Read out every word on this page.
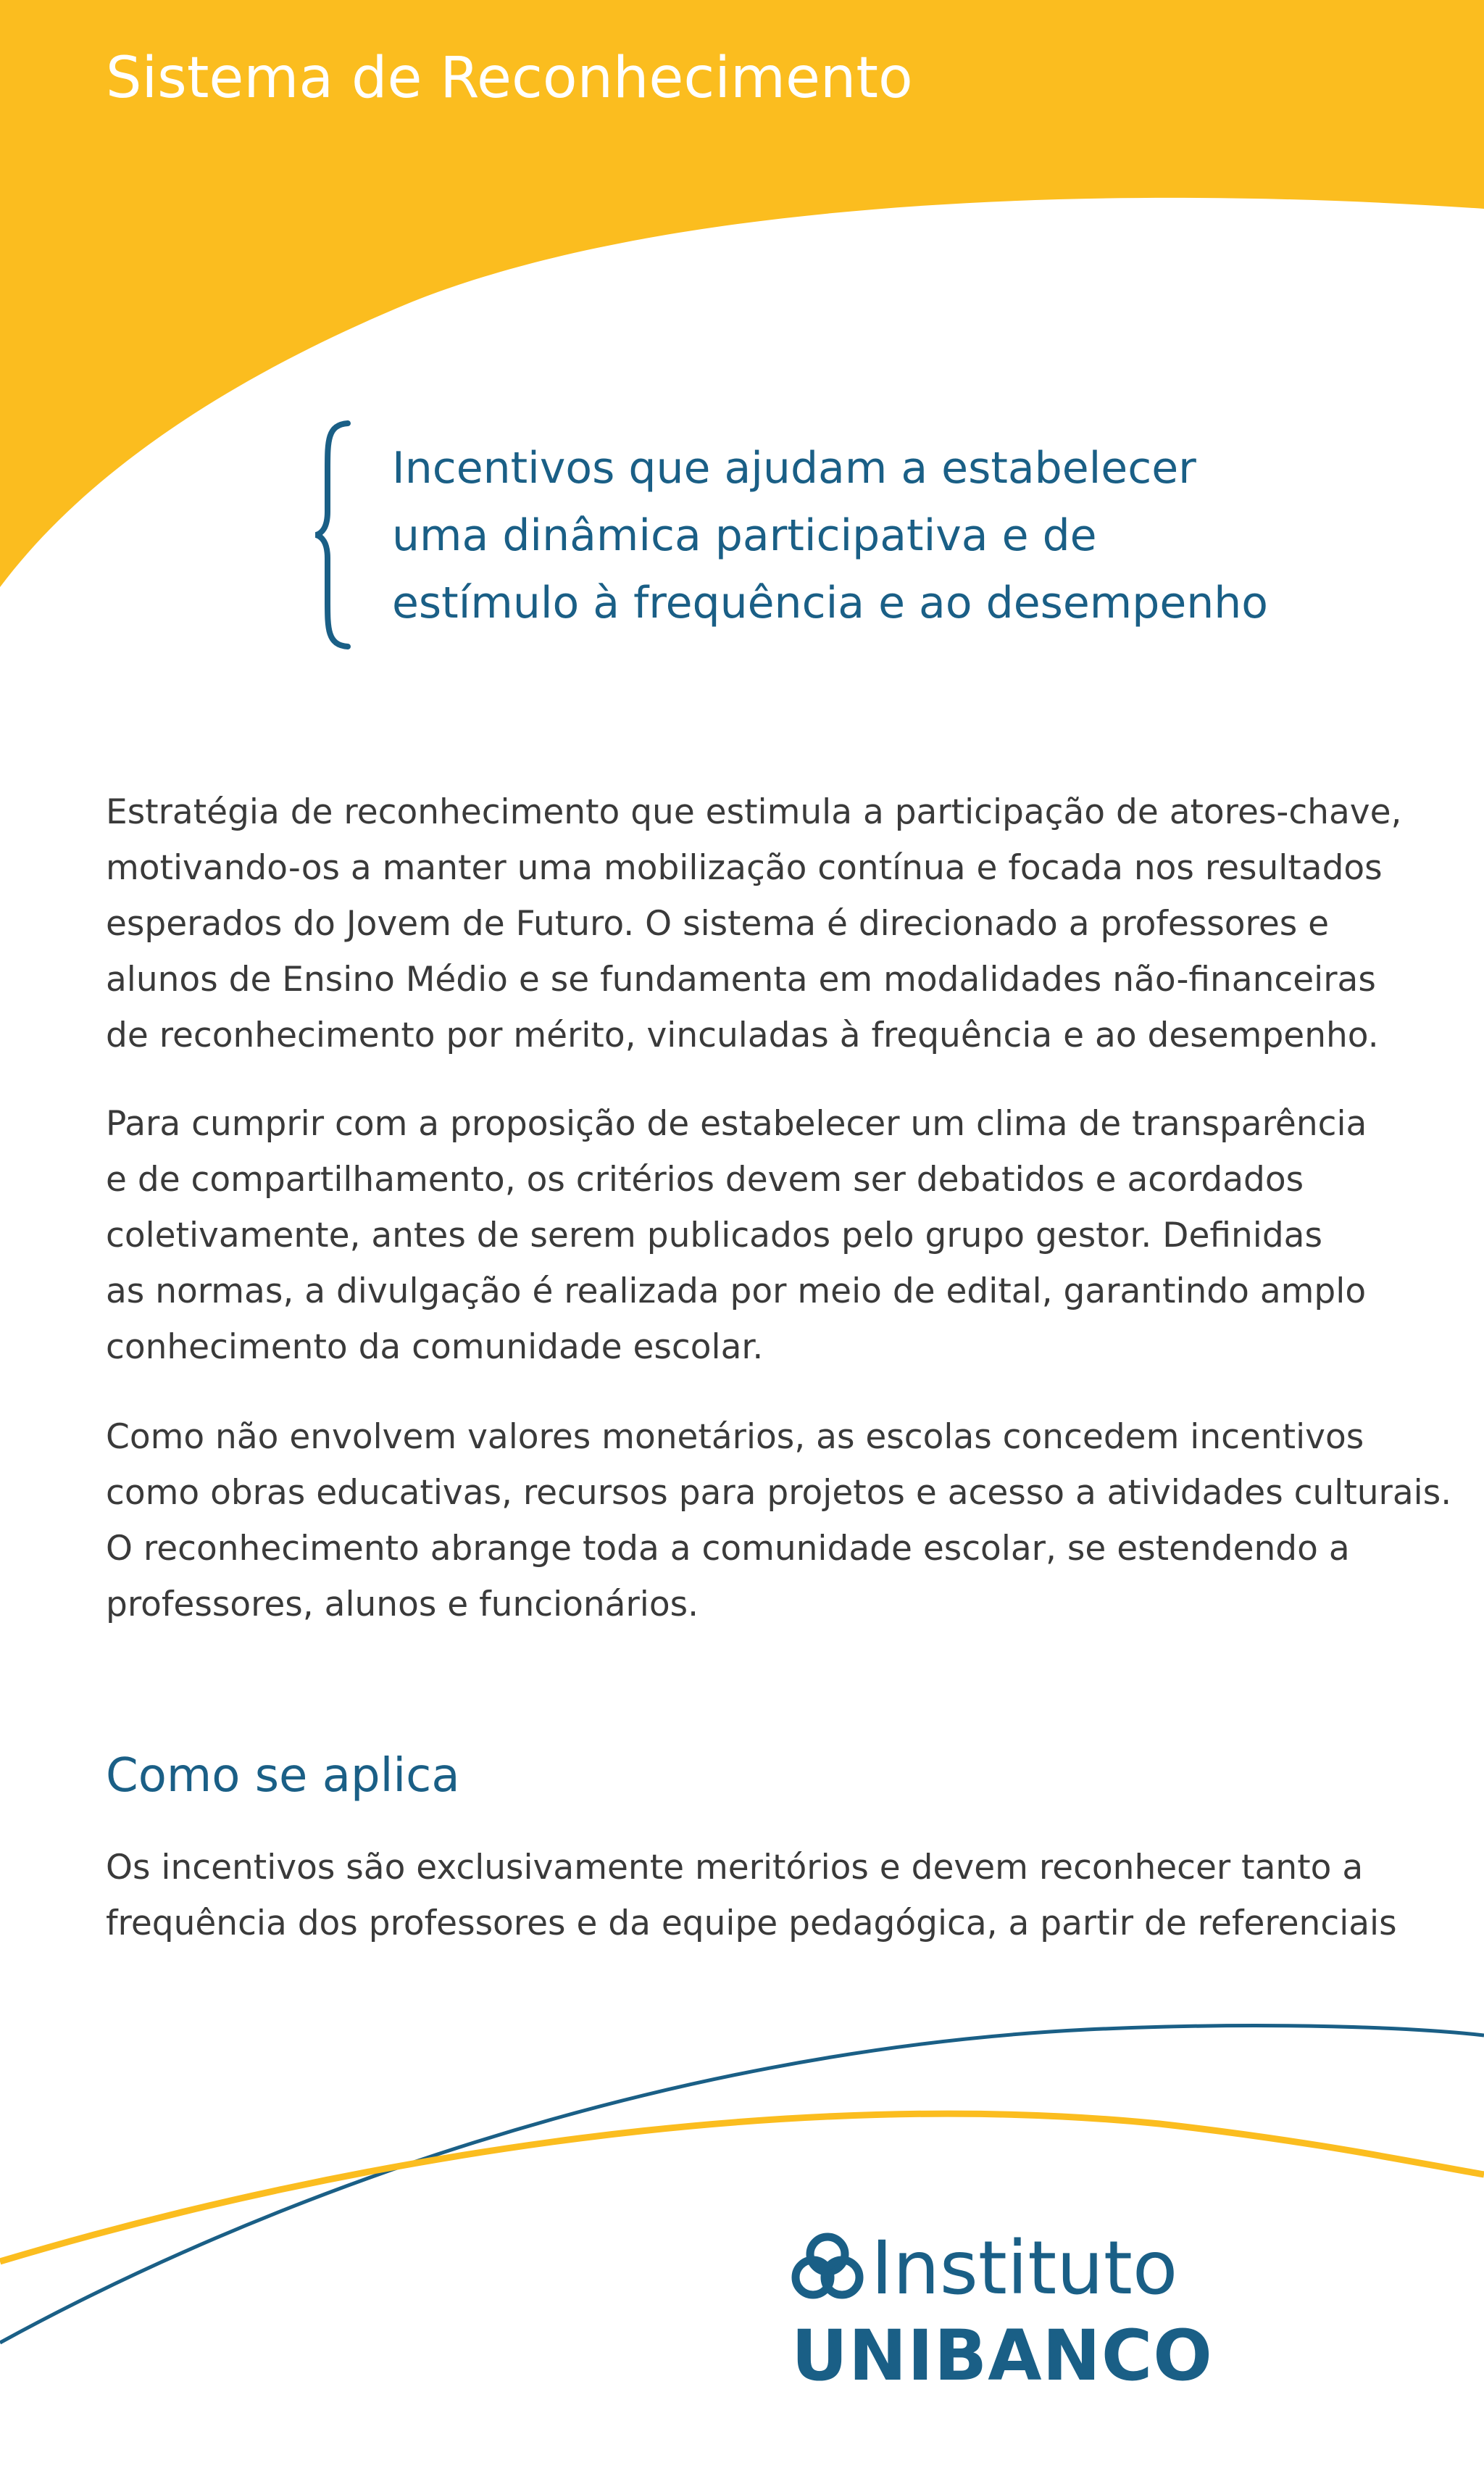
Sistema de Reconhecimento
Incentivos que ajudam a estabelecer
uma dinâmica participativa e de
estímulo à frequência e ao desempenho
Estratégia de reconhecimento que estimula a participação de atores-chave,
motivando-os a manter uma mobilização contínua e focada nos resultados
esperados do Jovem de Futuro. O sistema é direcionado a professores e
alunos de Ensino Médio e se fundamenta em modalidades não-financeiras
de reconhecimento por mérito, vinculadas à frequência e ao desempenho.
Para cumprir com a proposição de estabelecer um clima de transparência
e de compartilhamento, os critérios devem ser debatidos e acordados
coletivamente, antes de serem publicados pelo grupo gestor. Definidas
as normas, a divulgação é realizada por meio de edital, garantindo amplo
conhecimento da comunidade escolar.
Como não envolvem valores monetários, as escolas concedem incentivos
como obras educativas, recursos para projetos e acesso a atividades culturais.
O reconhecimento abrange toda a comunidade escolar, se estendendo a
professores, alunos e funcionários.
Como se aplica
Os incentivos são exclusivamente meritórios e devem reconhecer tanto a
frequência dos professores e da equipe pedagógica, a partir de referenciais
Instituto
UNIBANCO
